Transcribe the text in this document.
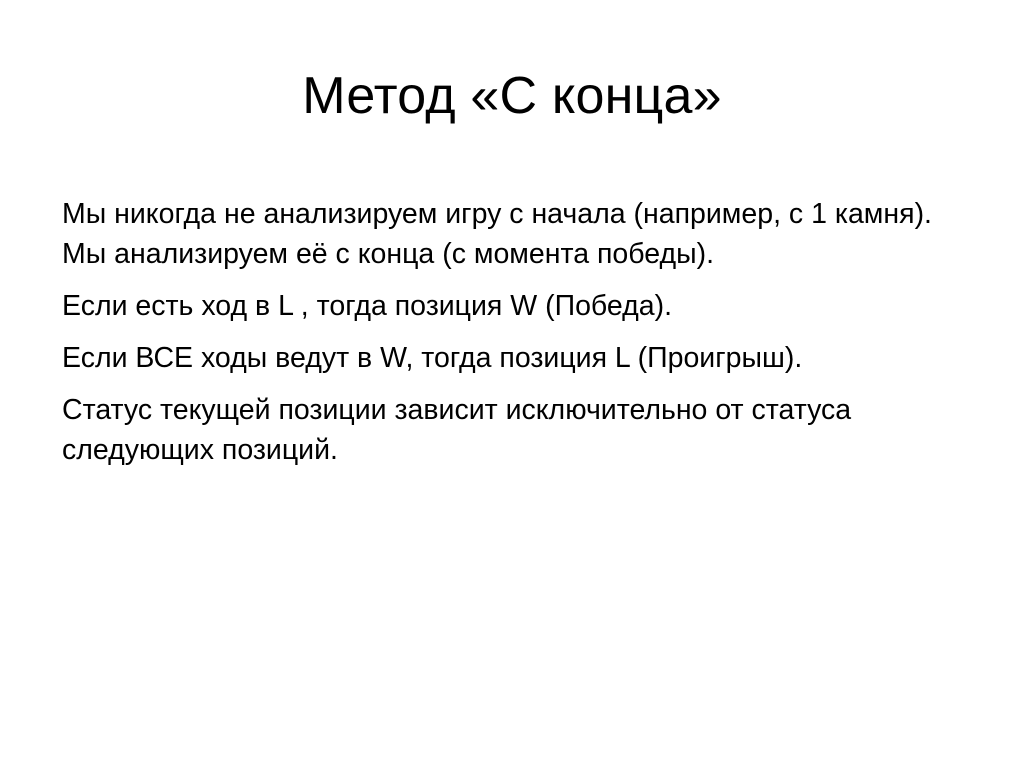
Метод «С конца»
Мы никогда не анализируем игру с начала (например, с 1 камня). Мы анализируем её с конца (с момента победы).
Если есть ход в L , тогда позиция W (Победа).
Если ВСЕ ходы ведут в W, тогда позиция L (Проигрыш).
Статус текущей позиции зависит исключительно от статуса следующих позиций.
